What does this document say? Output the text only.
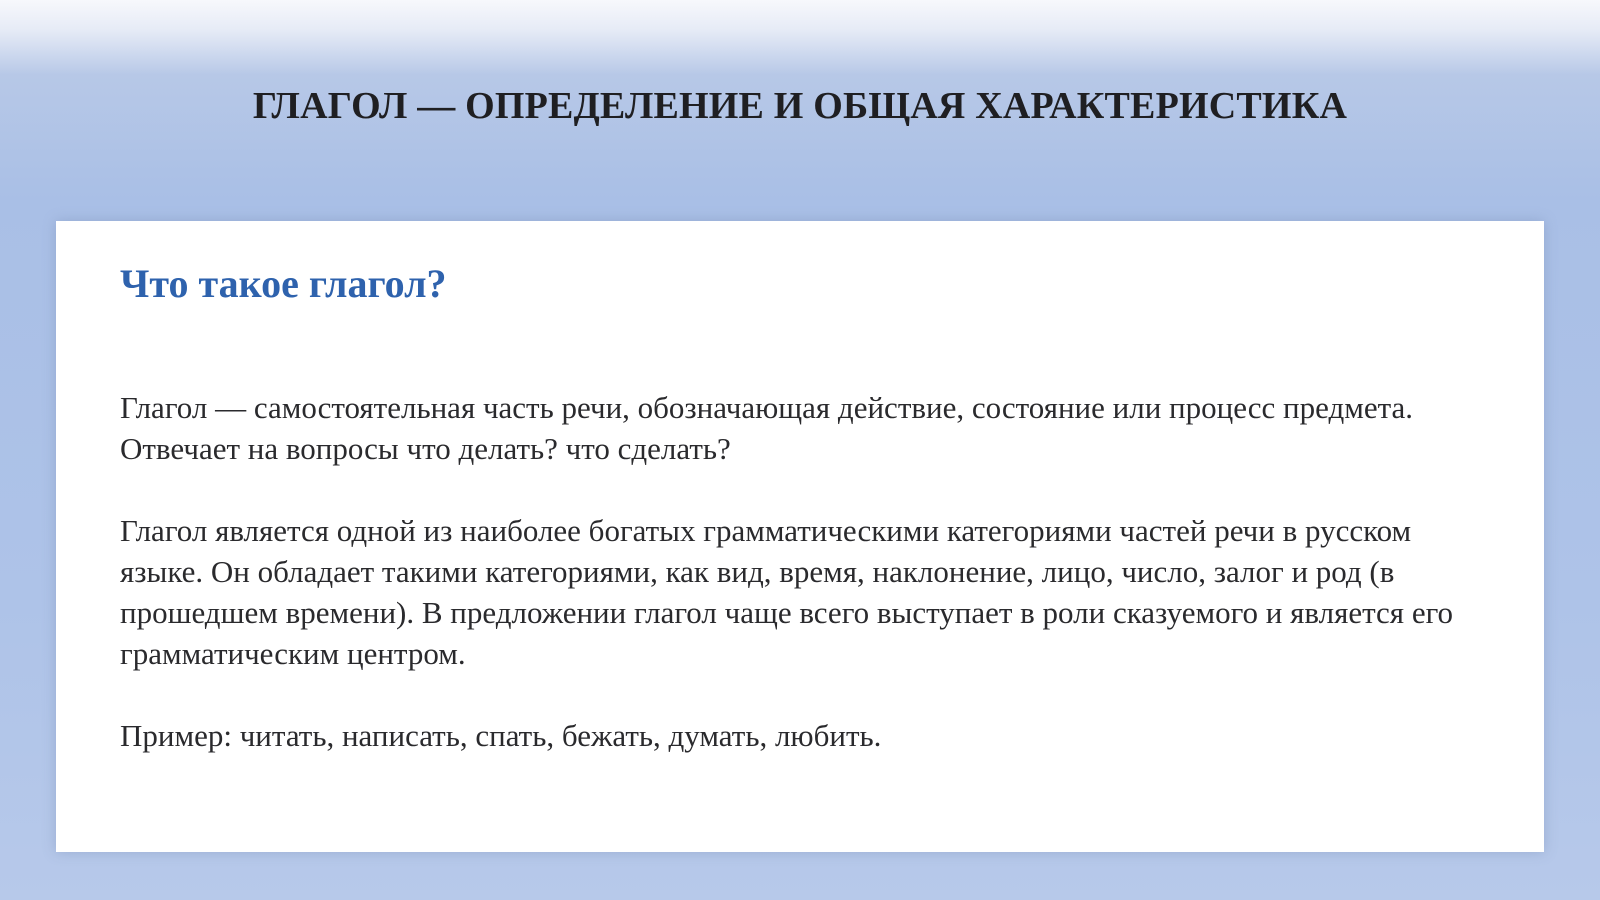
ГЛАГОЛ — ОПРЕДЕЛЕНИЕ И ОБЩАЯ ХАРАКТЕРИСТИКА
Что такое глагол?

Глагол — самостоятельная часть речи, обозначающая действие, состояние или процесс предмета. Отвечает на вопросы что делать? что сделать?

Глагол является одной из наиболее богатых грамматическими категориями частей речи в русском языке. Он обладает такими категориями, как вид, время, наклонение, лицо, число, залог и род (в прошедшем времени). В предложении глагол чаще всего выступает в роли сказуемого и является его грамматическим центром.

Пример: читать, написать, спать, бежать, думать, любить.
